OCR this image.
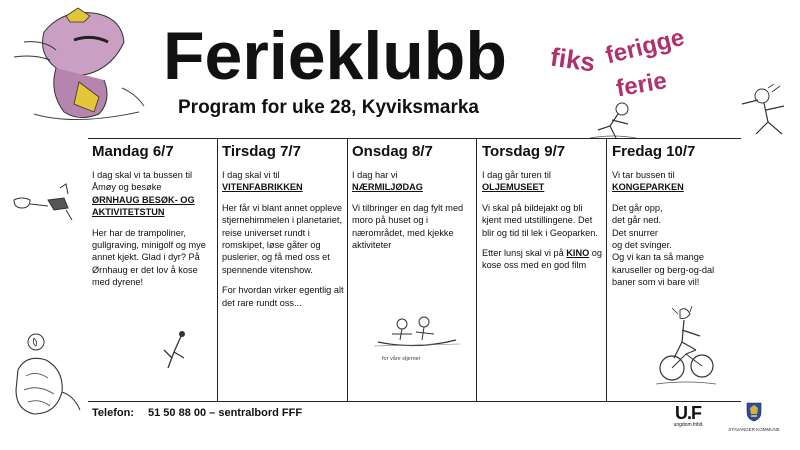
Ferieklubb
Program for uke 28, Kyviksmarka
fiks ferigge
ferie
Mandag 6/7

I dag skal vi ta bussen til Åmøy og besøke
ØRNHAUG BESØK- OG AKTIVITETSTUN

Her har de trampoliner, gullgraving, minigolf og mye annet kjekt. Glad i dyr? På Ørnhaug er det lov å kose med dyrene!

Tirsdag 7/7

I dag skal vi til
VITENFABRIKKEN

Her får vi blant annet oppleve stjernehimmelen i planetariet, reise universet rundt i romskipet, løse gåter og puslerier, og få med oss et spennende vitenshow.

For hvordan virker egentlig alt det rare rundt oss...

Onsdag 8/7

I dag har vi
NÆRMILJØDAG

Vi tilbringer en dag fylt med moro på huset og i nærområdet, med kjekke aktiviteter

for våre stjerner
Torsdag 9/7

I dag går turen til
OLJEMUSEET

Vi skal på bildejakt og bli kjent med utstillingene. Det blir og tid til lek i Geoparken.

Etter lunsj skal vi på KINO og kose oss med en god film

Fredag 10/7

Vi tar bussen til
KONGEPARKEN

Det går opp,
det går ned.
Det snurrer
og det svinger.
Og vi kan ta så mange karuseller og berg-og-dal baner som vi bare vil!

Telefon: 51 50 88 00 – sentralbord FFF	U.F
ungdom.fritid
STAVANGER KOMMUNE
